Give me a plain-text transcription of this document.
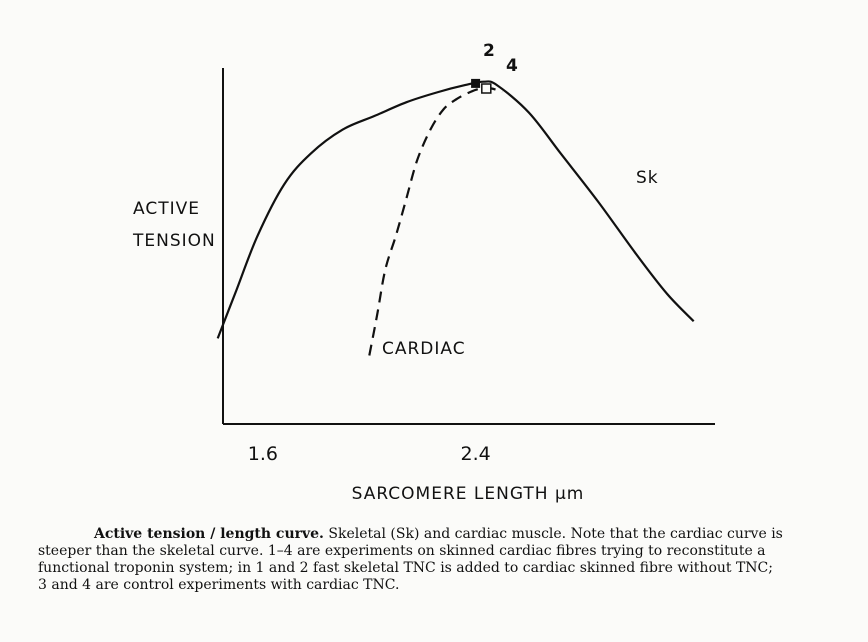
ACTIVE
TENSION
1.6	2.4
SARCOMERE LENGTH μm
Sk
CARDIAC
2
4
Active tension / length curve. Skeletal (Sk) and cardiac muscle. Note that the cardiac curve is
steeper than the skeletal curve. 1–4 are experiments on skinned cardiac fibres trying to reconstitute a
functional troponin system; in 1 and 2 fast skeletal TNC is added to cardiac skinned fibre without TNC;
3 and 4 are control experiments with cardiac TNC.
